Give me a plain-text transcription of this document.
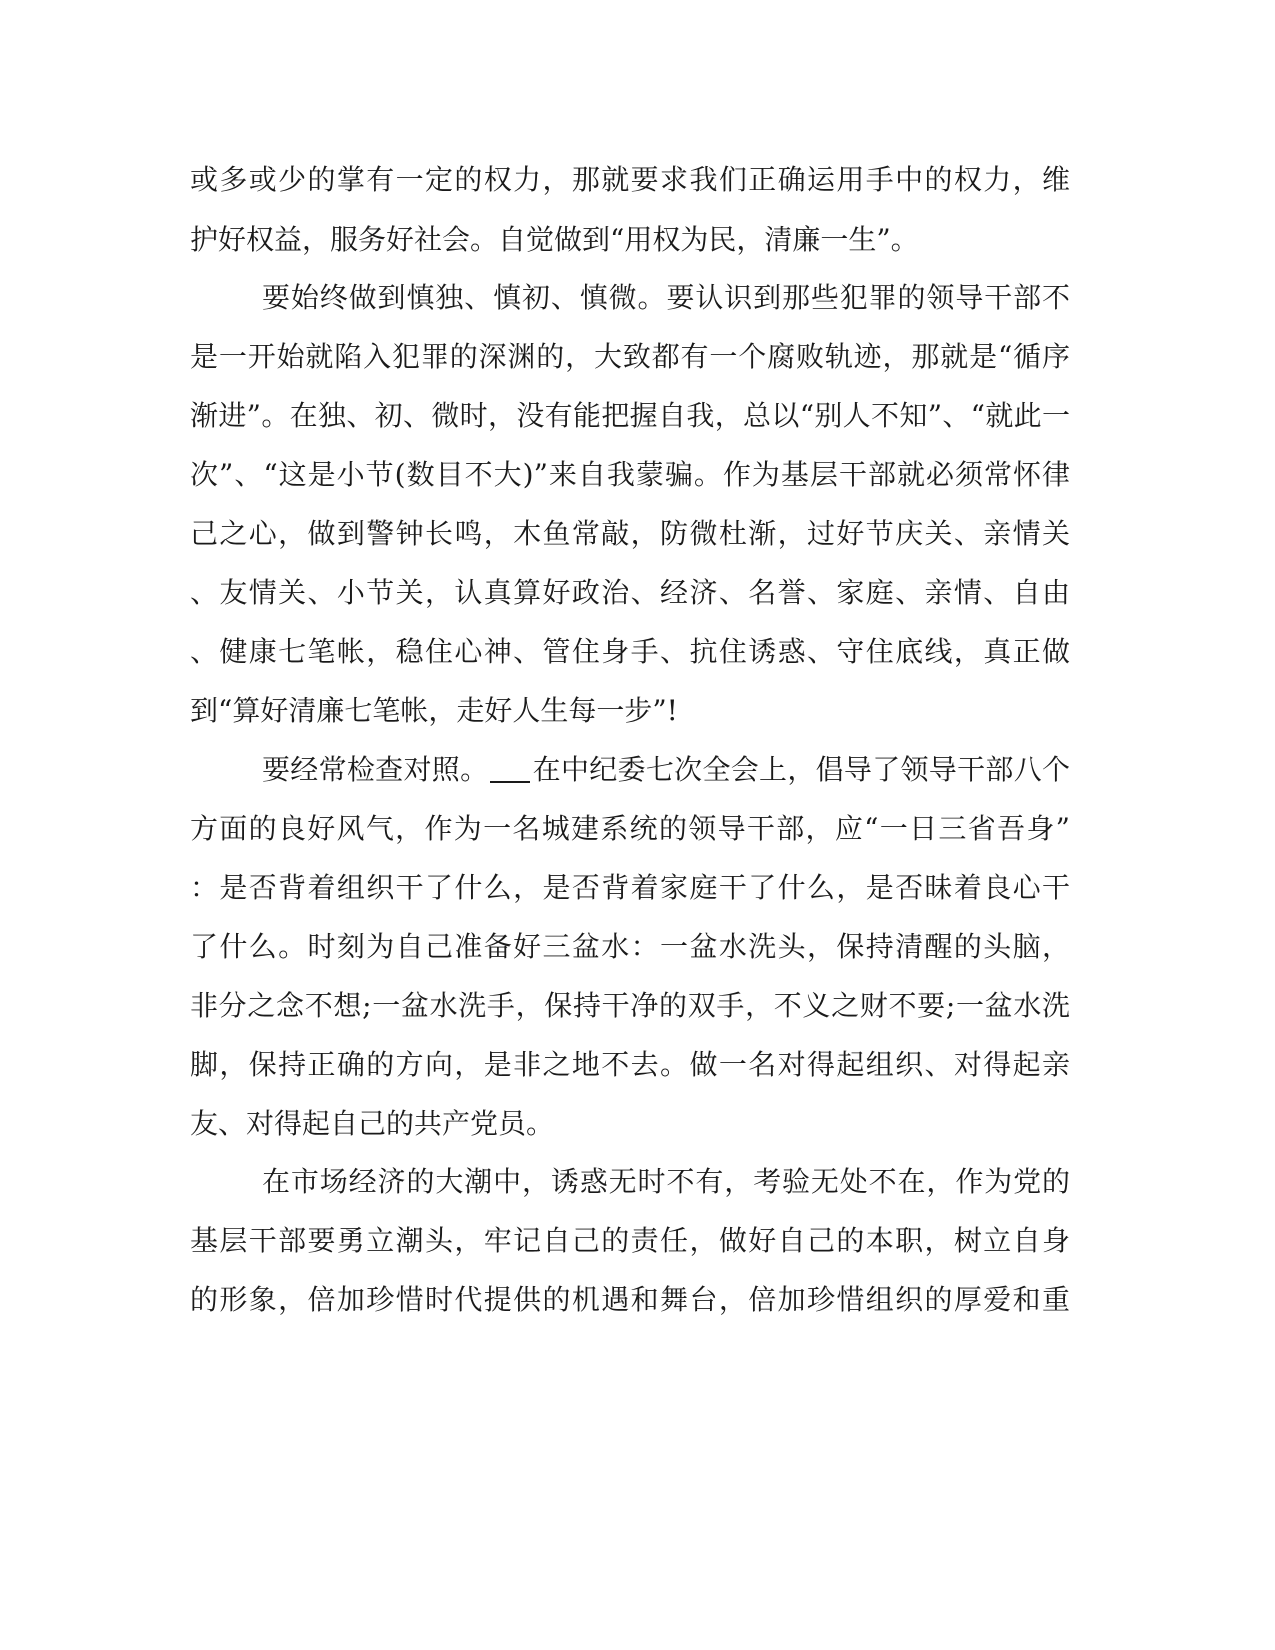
或多或少的掌有一定的权力，那就要求我们正确运用手中的权力，维
护好权益，服务好社会。自觉做到“用权为民，清廉一生”。
要始终做到慎独、慎初、慎微。要认识到那些犯罪的领导干部不
是一开始就陷入犯罪的深渊的，大致都有一个腐败轨迹，那就是“循序
渐进”。在独、初、微时，没有能把握自我，总以“别人不知”、“就此一
次”、“这是小节(数目不大)”来自我蒙骗。作为基层干部就必须常怀律
己之心，做到警钟长鸣，木鱼常敲，防微杜渐，过好节庆关、亲情关
、友情关、小节关，认真算好政治、经济、名誉、家庭、亲情、自由
、健康七笔帐，稳住心神、管住身手、抗住诱惑、守住底线，真正做
到“算好清廉七笔帐，走好人生每一步”!
要经常检查对照。 在中纪委七次全会上，倡导了领导干部八个
方面的良好风气，作为一名城建系统的领导干部，应“一日三省吾身”
：是否背着组织干了什么，是否背着家庭干了什么，是否昧着良心干
了什么。时刻为自己准备好三盆水：一盆水洗头，保持清醒的头脑，
非分之念不想;一盆水洗手，保持干净的双手，不义之财不要;一盆水洗
脚，保持正确的方向，是非之地不去。做一名对得起组织、对得起亲
友、对得起自己的共产党员。
在市场经济的大潮中，诱惑无时不有，考验无处不在，作为党的
基层干部要勇立潮头，牢记自己的责任，做好自己的本职，树立自身
的形象，倍加珍惜时代提供的机遇和舞台，倍加珍惜组织的厚爱和重
